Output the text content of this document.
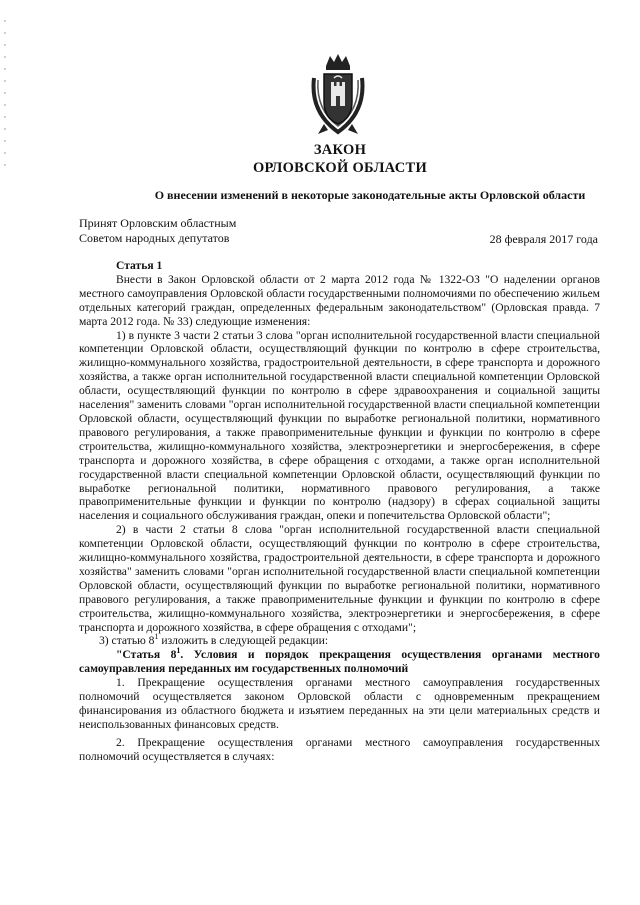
ЗАКОН
ОРЛОВСКОЙ ОБЛАСТИ
О внесении изменений в некоторые законодательные акты Орловской области
Принят Орловским областным
Советом народных депутатов	28 февраля 2017 года

Статья 1

Внести в Закон Орловской области от 2 марта 2012 года № 1322-ОЗ "О наделении органов местного самоуправления Орловской области государственными полномочиями по обеспечению жильем отдельных категорий граждан, определенных федеральным законодательством" (Орловская правда. 7 марта 2012 года. № 33) следующие изменения:

1) в пункте 3 части 2 статьи 3 слова "орган исполнительной государственной власти специальной компетенции Орловской области, осуществляющий функции по контролю в сфере строительства, жилищно-коммунального хозяйства, градостроительной деятельности, в сфере транспорта и дорожного хозяйства, а также орган исполнительной государственной власти специальной компетенции Орловской области, осуществляющий функции по контролю в сфере здравоохранения и социальной защиты населения" заменить словами "орган исполнительной государственной власти специальной компетенции Орловской области, осуществляющий функции по выработке региональной политики, нормативного правового регулирования, а также правоприменительные функции и функции по контролю в сфере строительства, жилищно-коммунального хозяйства, электроэнергетики и энергосбережения, в сфере транспорта и дорожного хозяйства, в сфере обращения с отходами, а также орган исполнительной государственной власти специальной компетенции Орловской области, осуществляющий функции по выработке региональной политики, нормативного правового регулирования, а также правоприменительные функции и функции по контролю (надзору) в сферах социальной защиты населения и социального обслуживания граждан, опеки и попечительства Орловской области";

2) в части 2 статьи 8 слова "орган исполнительной государственной власти специальной компетенции Орловской области, осуществляющий функции по контролю в сфере строительства, жилищно-коммунального хозяйства, градостроительной деятельности, в сфере транспорта и дорожного хозяйства" заменить словами "орган исполнительной государственной власти специальной компетенции Орловской области, осуществляющий функции по выработке региональной политики, нормативного правового регулирования, а также правоприменительные функции и функции по контролю в сфере строительства, жилищно-коммунального хозяйства, электроэнергетики и энергосбережения, в сфере транспорта и дорожного хозяйства, в сфере обращения с отходами";

3) статью $8^1$ изложить в следующей редакции:

"Статья $8^1$. Условия и порядок прекращения осуществления органами местного самоуправления переданных им государственных полномочий

1. Прекращение осуществления органами местного самоуправления государственных полномочий осуществляется законом Орловской области с одновременным прекращением финансирования из областного бюджета и изъятием переданных на эти цели материальных средств и неиспользованных финансовых средств.

2. Прекращение осуществления органами местного самоуправления государственных полномочий осуществляется в случаях:
